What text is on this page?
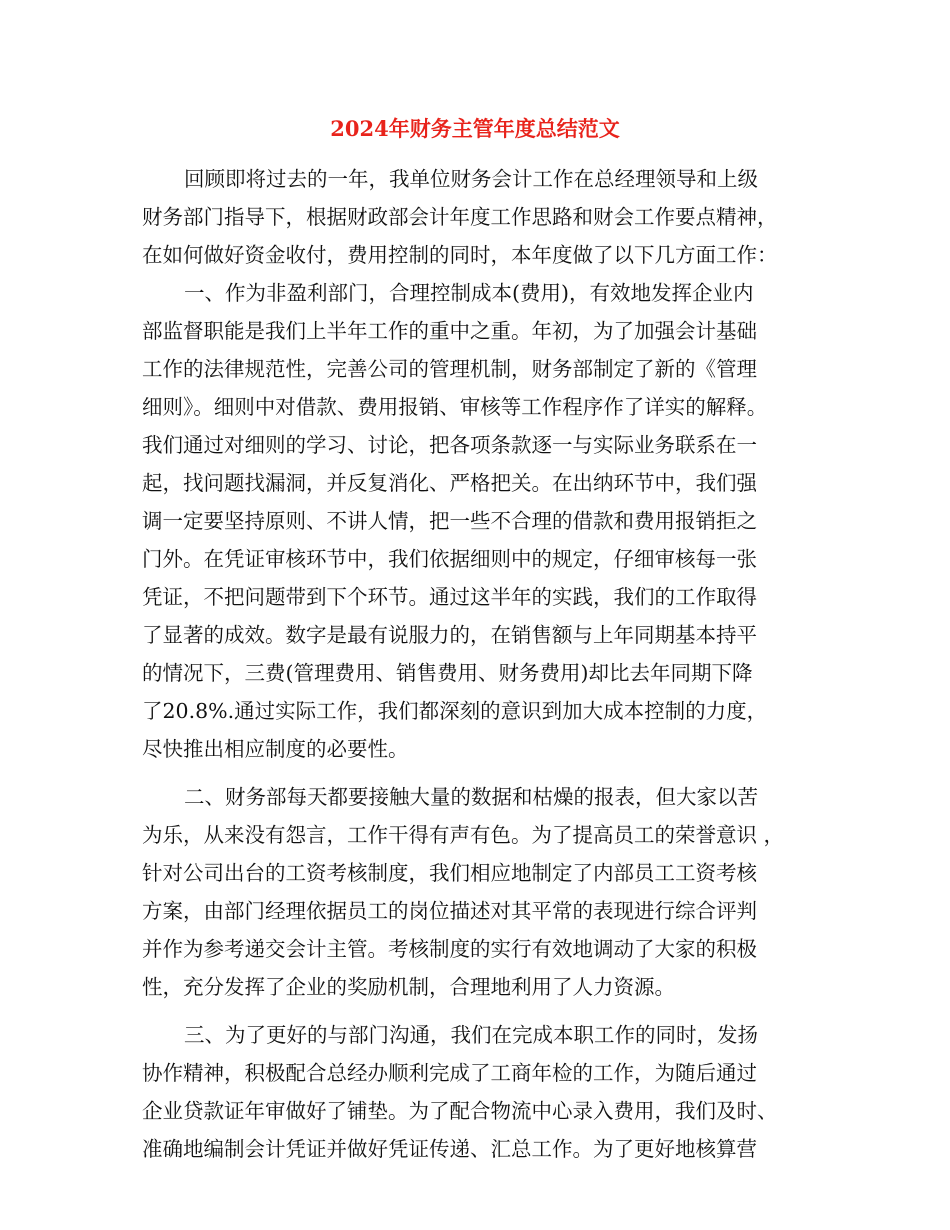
2024年财务主管年度总结范文
回顾即将过去的一年，我单位财务会计工作在总经理领导和上级
财务部门指导下，根据财政部会计年度工作思路和财会工作要点精神，
在如何做好资金收付，费用控制的同时，本年度做了以下几方面工作：
一、作为非盈利部门，合理控制成本(费用)，有效地发挥企业内
部监督职能是我们上半年工作的重中之重。年初，为了加强会计基础
工作的法律规范性，完善公司的管理机制，财务部制定了新的《管理
细则》。细则中对借款、费用报销、审核等工作程序作了详实的解释。
我们通过对细则的学习、讨论，把各项条款逐一与实际业务联系在一
起，找问题找漏洞，并反复消化、严格把关。在出纳环节中，我们强
调一定要坚持原则、不讲人情，把一些不合理的借款和费用报销拒之
门外。在凭证审核环节中，我们依据细则中的规定，仔细审核每一张
凭证，不把问题带到下个环节。通过这半年的实践，我们的工作取得
了显著的成效。数字是最有说服力的，在销售额与上年同期基本持平
的情况下，三费(管理费用、销售费用、财务费用)却比去年同期下降
了20.8%.通过实际工作，我们都深刻的意识到加大成本控制的力度，
尽快推出相应制度的必要性。
二、财务部每天都要接触大量的数据和枯燥的报表，但大家以苦
为乐，从来没有怨言，工作干得有声有色。为了提高员工的荣誉意识 ，
针对公司出台的工资考核制度，我们相应地制定了内部员工工资考核
方案，由部门经理依据员工的岗位描述对其平常的表现进行综合评判
并作为参考递交会计主管。考核制度的实行有效地调动了大家的积极
性，充分发挥了企业的奖励机制，合理地利用了人力资源。
三、为了更好的与部门沟通，我们在完成本职工作的同时，发扬
协作精神，积极配合总经办顺利完成了工商年检的工作，为随后通过
企业贷款证年审做好了铺垫。为了配合物流中心录入费用，我们及时、
准确地编制会计凭证并做好凭证传递、汇总工作。为了更好地核算营
